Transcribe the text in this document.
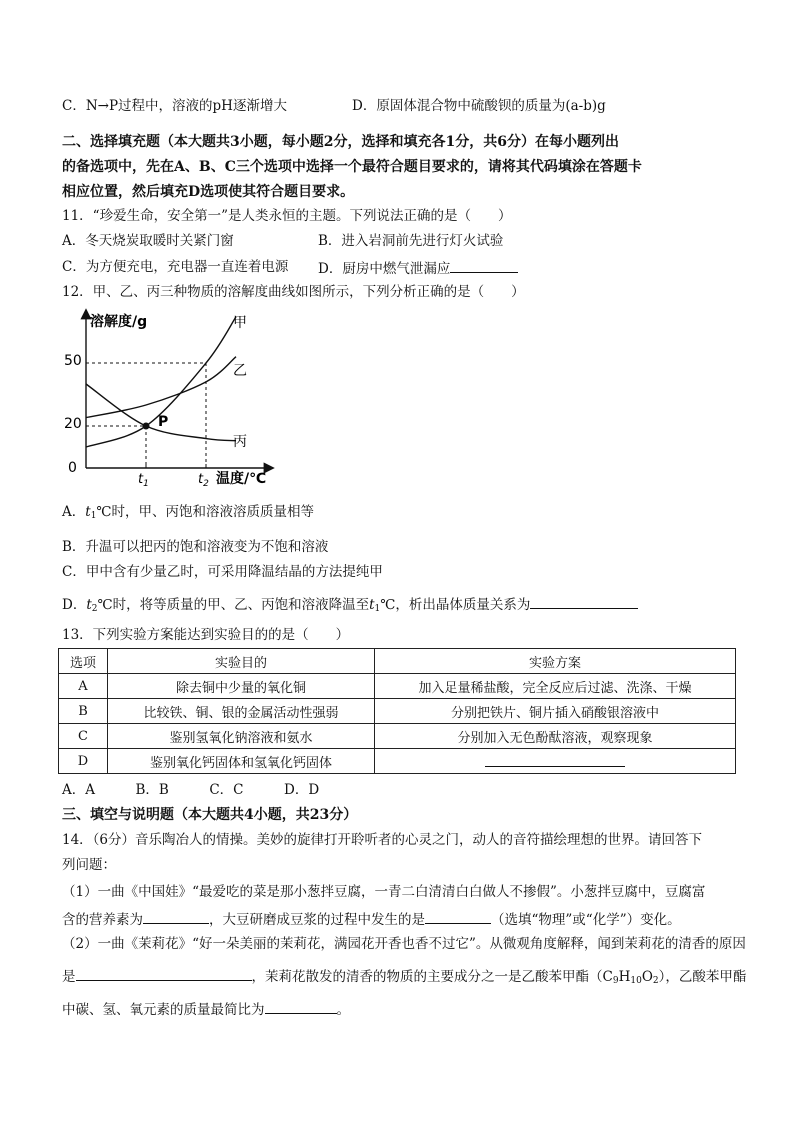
C．N→P过程中，溶液的pH逐渐增大	D．原固体混合物中硫酸钡的质量为(a-b)g
二、选择填充题（本大题共3小题，每小题2分，选择和填充各1分，共6分）在每小题列出
的备选项中，先在A、B、C三个选项中选择一个最符合题目要求的，请将其代码填涂在答题卡
相应位置，然后填充D选项使其符合题目要求。
11．“珍爱生命，安全第一”是人类永恒的主题。下列说法正确的是（　　）
A．冬天烧炭取暖时关紧门窗	B．进入岩洞前先进行灯火试验
C．为方便充电，充电器一直连着电源 D．厨房中燃气泄漏应
12．甲、乙、丙三种物质的溶解度曲线如图所示，下列分析正确的是（　　）
溶解度/g
温度/℃
0
20
50
$t_1$	$t_2$
P
甲
乙
丙
A．$t_1℃$时，甲、丙饱和溶液溶质质量相等
B．升温可以把丙的饱和溶液变为不饱和溶液
C．甲中含有少量乙时，可采用降温结晶的方法提纯甲
D．$t_2℃$时，将等质量的甲、乙、丙饱和溶液降温至$t_1℃$，析出晶体质量关系为
13．下列实验方案能达到实验目的的是（　　）
选项	实验目的	实验方案
A	除去铜中少量的氧化铜	加入足量稀盐酸，完全反应后过滤、洗涤、干燥
B	比较铁、铜、银的金属活动性强弱	分别把铁片、铜片插入硝酸银溶液中
C	鉴别氢氧化钠溶液和氨水	分别加入无色酚酞溶液，观察现象
D	鉴别氧化钙固体和氢氧化钙固体	
A．A　　　B．B　　　C．C　　　D．D
三、填空与说明题（本大题共4小题，共23分）
14．（6分）音乐陶冶人的情操。美妙的旋律打开聆听者的心灵之门，动人的音符描绘理想的世界。请回答下
列问题：
（1）一曲《中国娃》“最爱吃的菜是那小葱拌豆腐，一青二白清清白白做人不掺假”。小葱拌豆腐中，豆腐富
含的营养素为	，大豆研磨成豆浆的过程中发生的是	（选填“物理”或“化学”）变化。
（2）一曲《茉莉花》“好一朵美丽的茉莉花，满园花开香也香不过它”。从微观角度解释，闻到茉莉花的清香的原因
是	，茉莉花散发的清香的物质的主要成分之一是乙酸苯甲酯$(C_9H_{10}O_2)$，乙酸苯甲酯
中碳、氢、氧元素的质量最简比为	。
